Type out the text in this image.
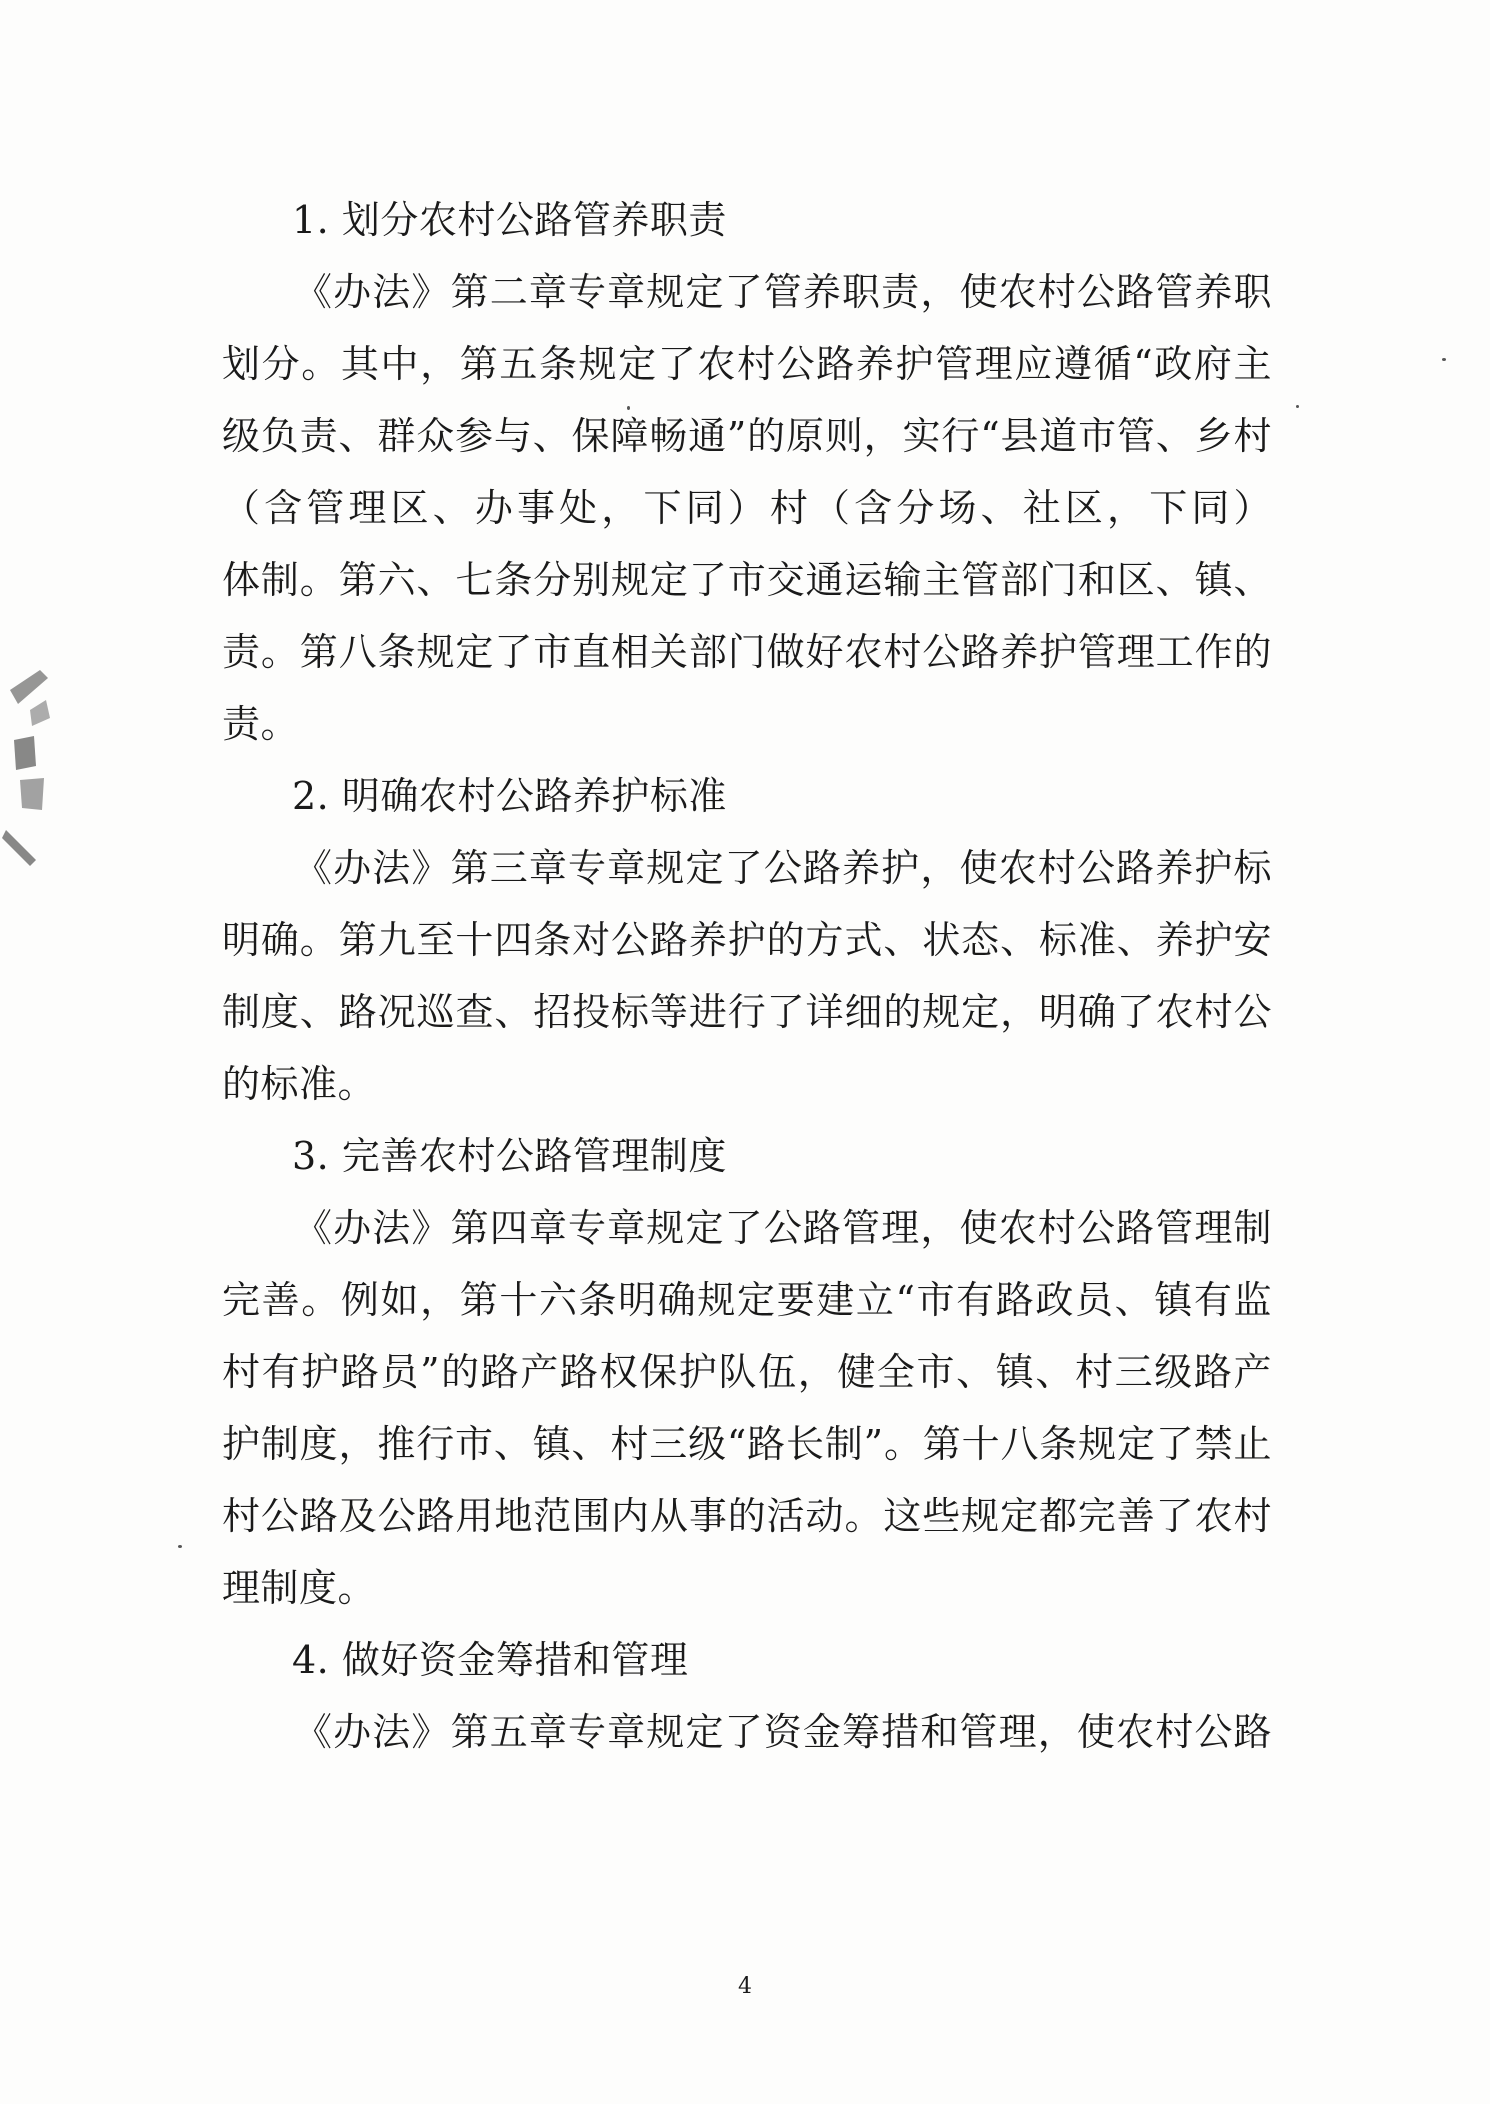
1. 划分农村公路管养职责
《办法》第二章专章规定了管养职责，使农村公路管养职
划分。其中，第五条规定了农村公路养护管理应遵循“政府主
级负责、群众参与、保障畅通”的原则，实行“县道市管、乡村
（含管理区、办事处，下同）村（含分场、社区，下同）
体制。第六、七条分别规定了市交通运输主管部门和区、镇、
责。第八条规定了市直相关部门做好农村公路养护管理工作的
责。
2. 明确农村公路养护标准
《办法》第三章专章规定了公路养护，使农村公路养护标
明确。第九至十四条对公路养护的方式、状态、标准、养护安
制度、路况巡查、招投标等进行了详细的规定，明确了农村公
的标准。
3. 完善农村公路管理制度
《办法》第四章专章规定了公路管理，使农村公路管理制
完善。例如，第十六条明确规定要建立“市有路政员、镇有监
村有护路员”的路产路权保护队伍，健全市、镇、村三级路产
护制度，推行市、镇、村三级“路长制”。第十八条规定了禁止
村公路及公路用地范围内从事的活动。这些规定都完善了农村
理制度。
4. 做好资金筹措和管理
《办法》第五章专章规定了资金筹措和管理，使农村公路
4
